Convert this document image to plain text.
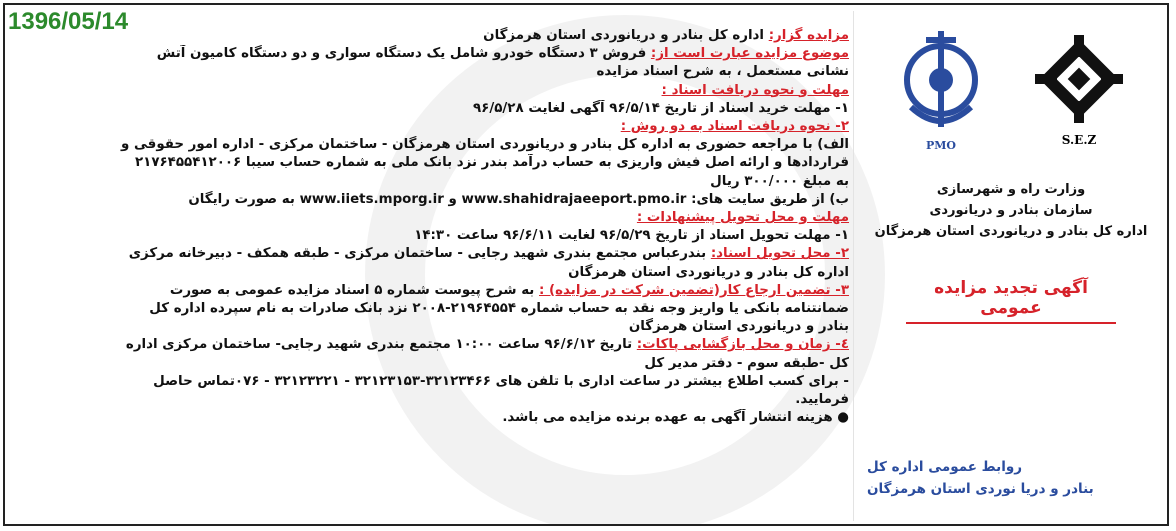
S.E.Z
PMO
وزارت راه و شهرسازی
سازمان بنادر و دریانوردی
اداره کل بنادر و دریانوردی استان هرمزگان
آگهی تجدید مزایده عمومی
روابط عمومی اداره کل
بنادر و دریا نوردی استان هرمزگان
مزایده گزار: اداره کل بنادر و دریانوردی استان هرمزگان
موضوع مزایده عبارت است از: فروش ۳ دستگاه خودرو شامل یک دستگاه سواری و دو دستگاه کامیون آتش
نشانی مستعمل ، به شرح اسناد مزایده
مهلت و نحوه دریافت اسناد :
۱- مهلت خرید اسناد از تاریخ ۹۶/۵/۱۴ آگهی لغایت ۹۶/۵/۲۸
۲- نحوه دریافت اسناد به دو روش :
الف) با مراجعه حضوری به اداره کل بنادر و دریانوردی استان هرمزگان - ساختمان مرکزی - اداره امور حقوقی و
قراردادها و ارائه اصل فیش واریزی به حساب درآمد بندر نزد بانک ملی به شماره حساب سیبا ۲۱۷۶۴۵۵۴۱۲۰۰۶
به مبلغ ۳۰۰/۰۰۰ ریال
ب) از طریق سایت های: www.shahidrajaeeport.pmo.ir و www.iiets.mporg.ir به صورت رایگان
مهلت و محل تحویل پیشنهادات :
۱- مهلت تحویل اسناد از تاریخ ۹۶/۵/۲۹ لغایت ۹۶/۶/۱۱ ساعت ۱۴:۳۰
۲- محل تحویل اسناد: بندرعباس مجتمع بندری شهید رجایی - ساختمان مرکزی - طبقه همکف - دبیرخانه مرکزی
اداره کل بنادر و دریانوردی استان هرمزگان
۳- تضمین ارجاع کار(تضمین شرکت در مزایده) : به شرح پیوست شماره ۵ اسناد مزایده عمومی به صورت
ضمانتنامه بانکی یا واریز وجه نقد به حساب شماره ۲۱۹۶۴۵۵۴-۲۰۰۸ نزد بانک صادرات به نام سپرده اداره کل
بنادر و دریانوردی استان هرمزگان
٤- زمان و محل بازگشایی پاکات: تاریخ ۹۶/۶/۱۲ ساعت ۱۰:۰۰ مجتمع بندری شهید رجایی- ساختمان مرکزی اداره
کل -طبقه سوم - دفتر مدیر کل
- برای کسب اطلاع بیشتر در ساعت اداری با تلفن های ۳۲۱۲۳۴۶۶-۳۲۱۲۳۱۵۳ - ۳۲۱۲۳۲۲۱ - ۰۷۶تماس حاصل
فرمایید.
● هزینه انتشار آگهی به عهده برنده مزایده می باشد.
1396/05/14
